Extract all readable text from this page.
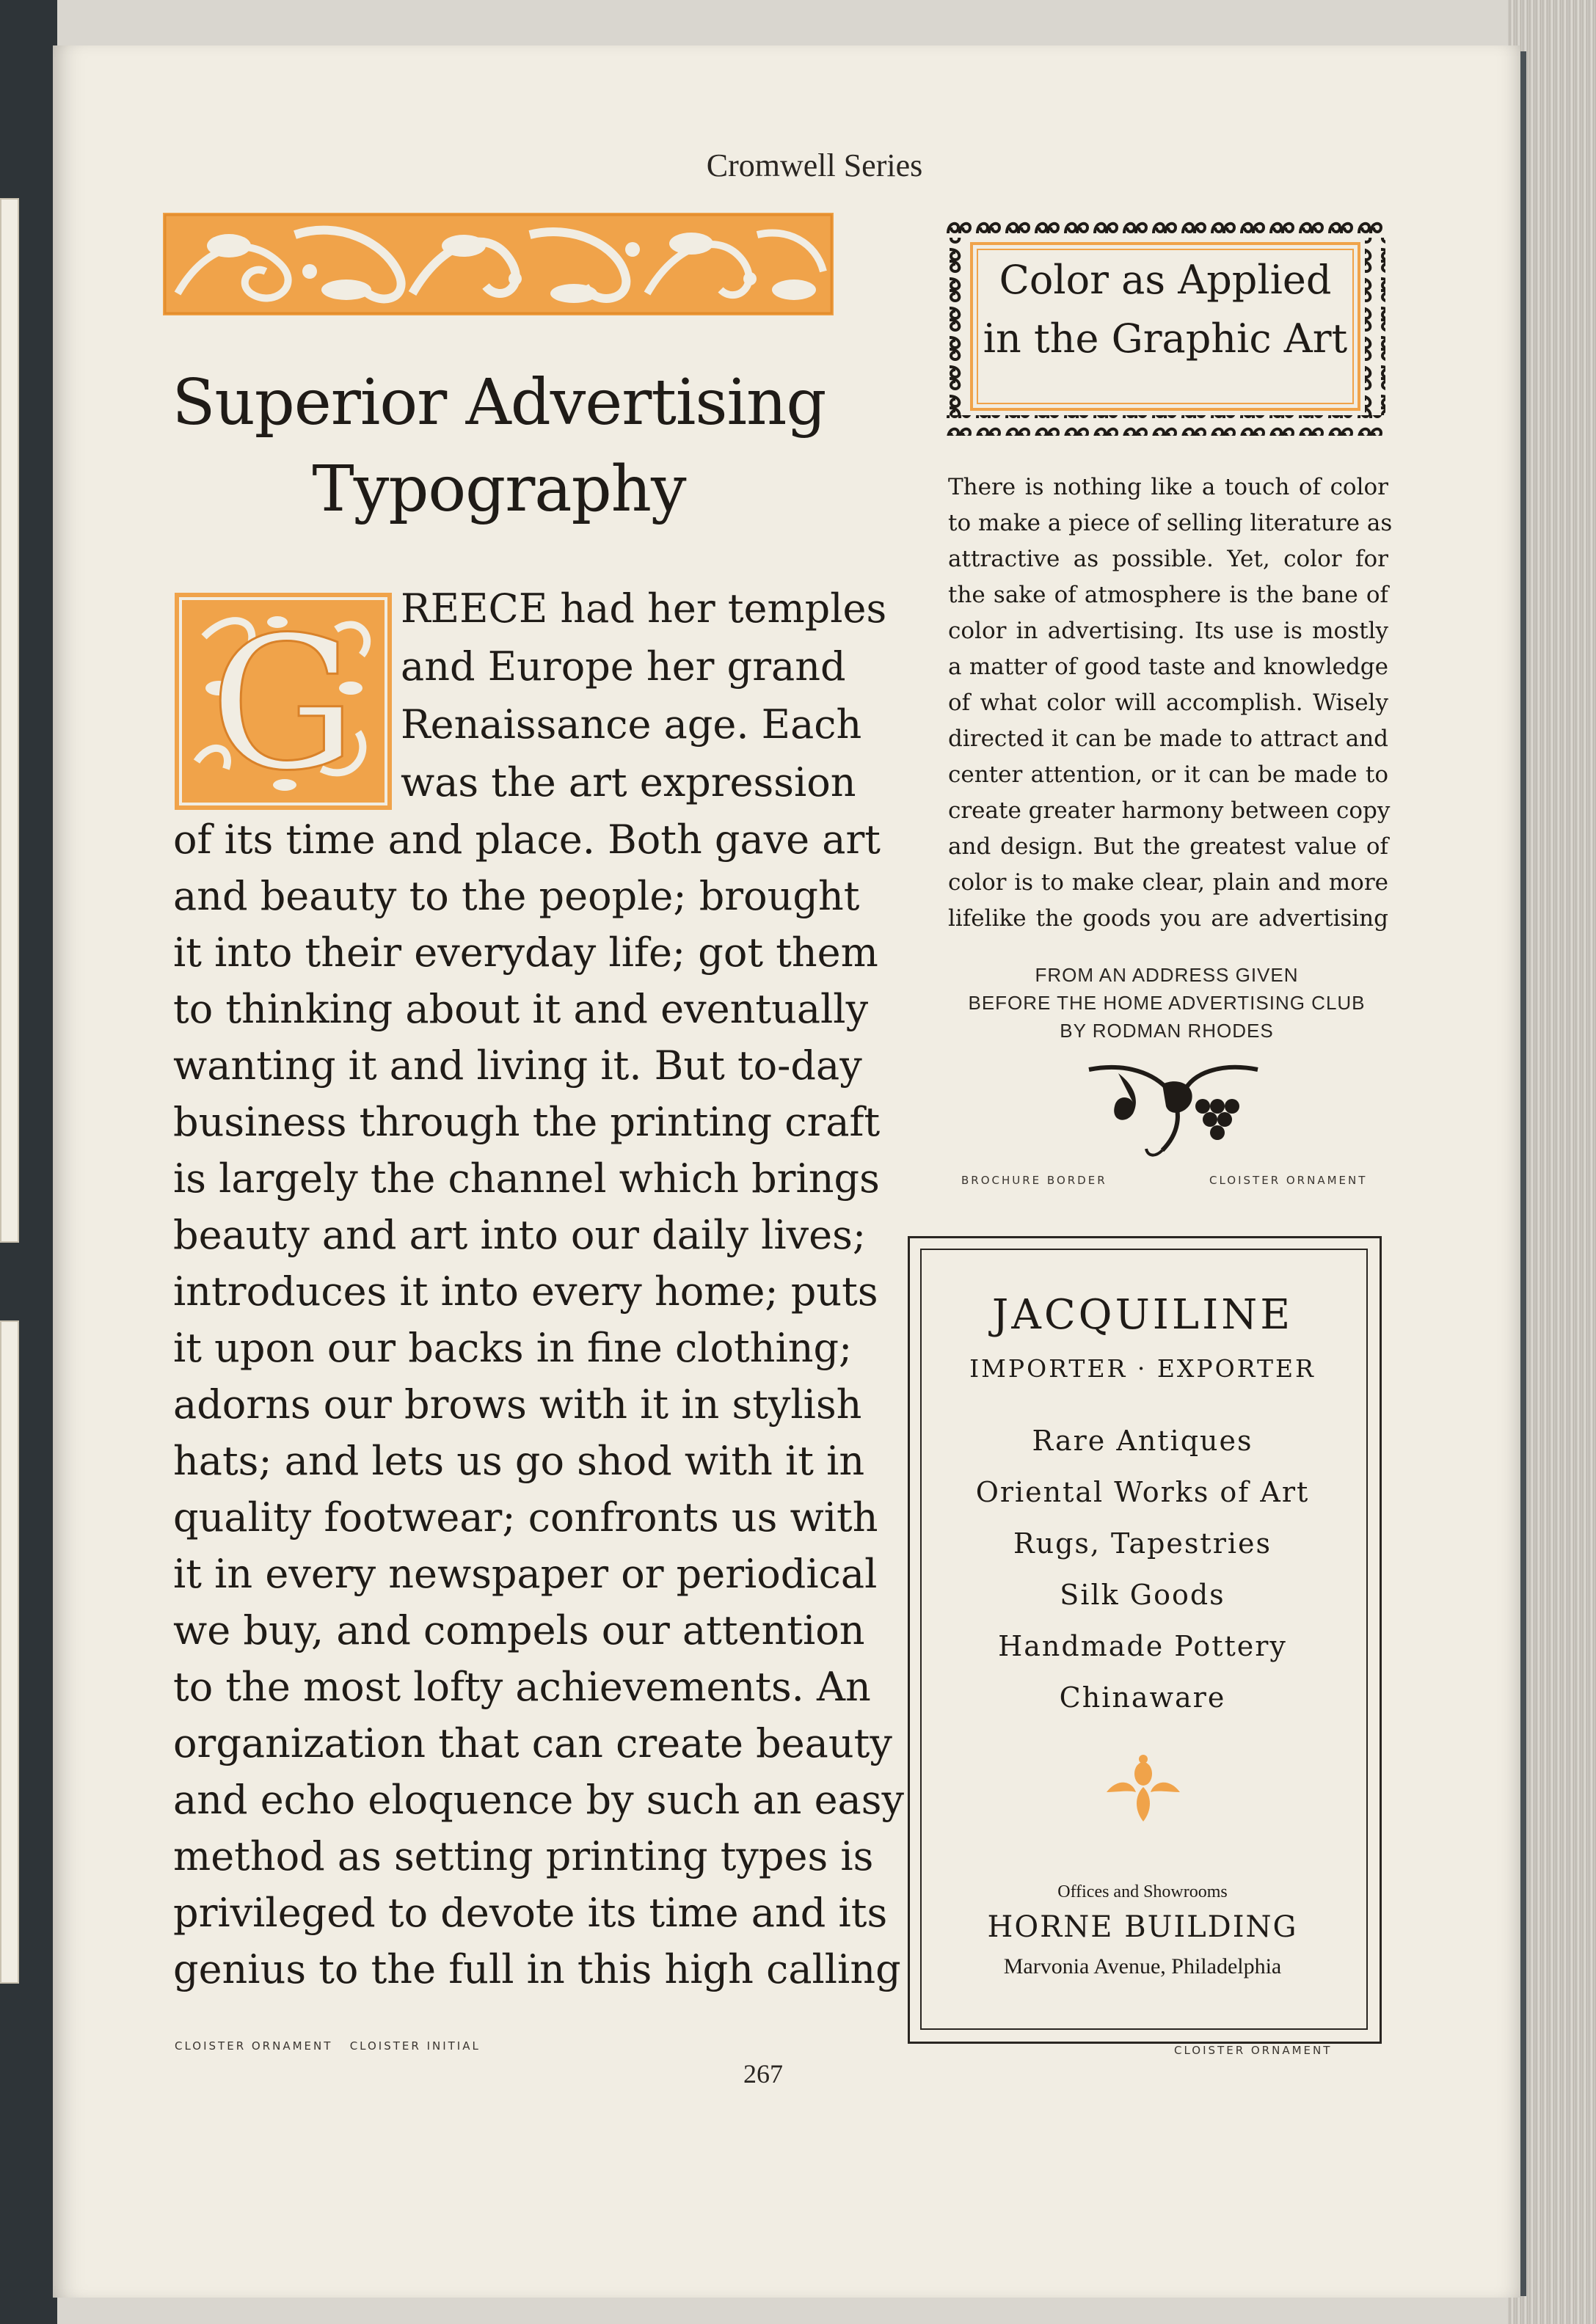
Cromwell Series
Superior Advertising
Typography
G REECE had her temples
and Europe her grand
Renaissance age. Each
was the art expression
of its time and place. Both gave art
and beauty to the people; brought
it into their everyday life; got them
to thinking about it and eventually
wanting it and living it. But to-day
business through the printing craft
is largely the channel which brings
beauty and art into our daily lives;
introduces it into every home; puts
it upon our backs in fine clothing;
adorns our brows with it in stylish
hats; and lets us go shod with it in
quality footwear; confronts us with
it in every newspaper or periodical
we buy, and compels our attention
to the most lofty achievements. An
organization that can create beauty
and echo eloquence by such an easy
method as setting printing types is
privileged to devote its time and its
genius to the full in this high calling
CLOISTER ORNAMENT   CLOISTER INITIAL
267
Color as Applied
in the Graphic Art
There is nothing like a touch of color
to make a piece of selling literature as
attractive as possible. Yet, color for
the sake of atmosphere is the bane of
color in advertising. Its use is mostly
a matter of good taste and knowledge
of what color will accomplish. Wisely
directed it can be made to attract and
center attention, or it can be made to
create greater harmony between copy
and design. But the greatest value of
color is to make clear, plain and more
lifelike the goods you are advertising
FROM AN ADDRESS GIVEN
BEFORE THE HOME ADVERTISING CLUB
BY RODMAN RHODES
BROCHURE BORDER	CLOISTER ORNAMENT
JACQUILINE
IMPORTER · EXPORTER
Rare Antiques
Oriental Works of Art
Rugs, Tapestries
Silk Goods
Handmade Pottery
Chinaware
Offices and Showrooms
HORNE BUILDING
Marvonia Avenue, Philadelphia
CLOISTER ORNAMENT
